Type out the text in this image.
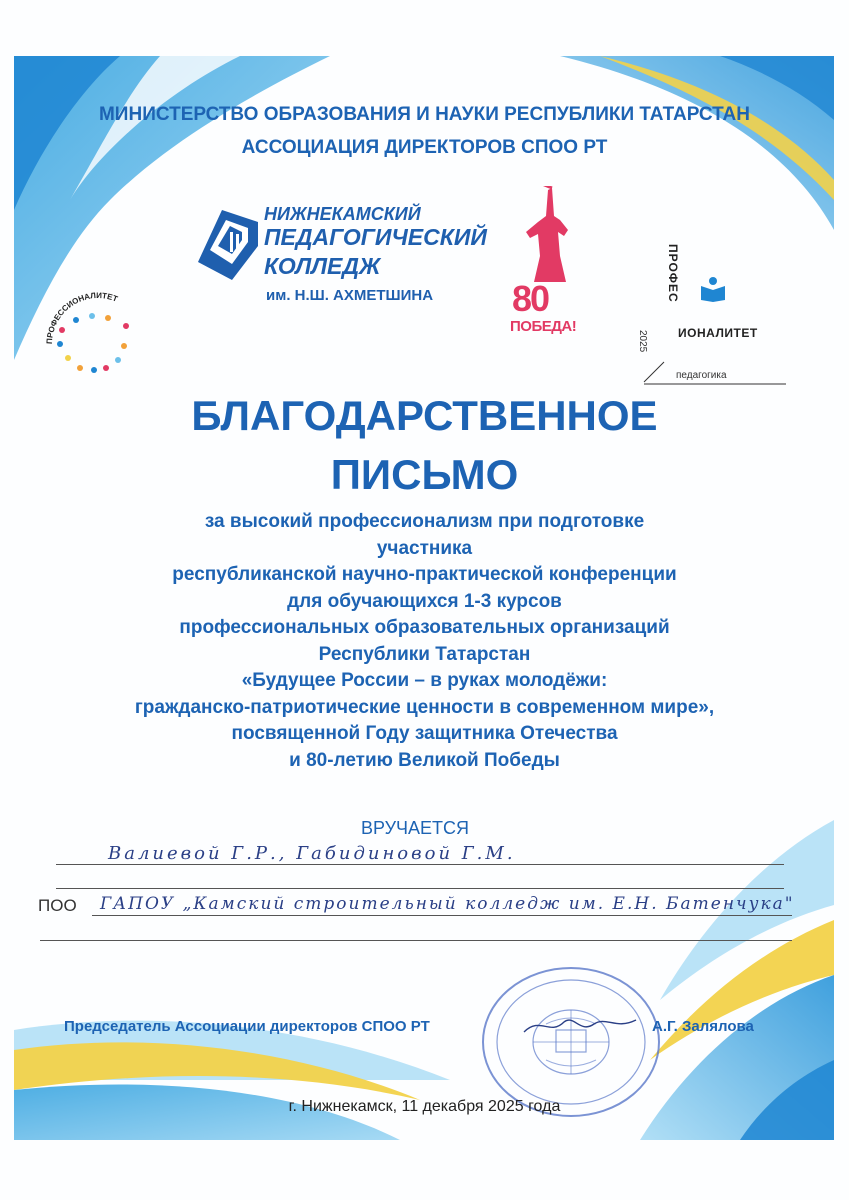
МИНИСТЕРСТВО ОБРАЗОВАНИЯ И НАУКИ РЕСПУБЛИКИ ТАТАРСТАН
АССОЦИАЦИЯ ДИРЕКТОРОВ СПОО РТ
НИЖНЕКАМСКИЙ
ПЕДАГОГИЧЕСКИЙ
КОЛЛЕДЖ
им. Н.Ш. АХМЕТШИНА 80
ПОБЕДА!
ПРОФЕССИОНАЛИТЕТ	ПРОФЕС
2025	ИОНАЛИТЕТ
педагогика
БЛАГОДАРСТВЕННОЕ
ПИСЬМО
за высокий профессионализм при подготовке
участника
республиканской научно-практической конференции
для обучающихся 1-3 курсов
профессиональных образовательных организаций
Республики Татарстан
«Будущее России – в руках молодёжи:
гражданско-патриотические ценности в современном мире»,
посвященной Году защитника Отечества
и 80-летию Великой Победы
ВРУЧАЕТСЯ
Валиевой Г.Р., Габидиновой Г.М.
ПОО ГАПОУ „Камский строительный колледж им. Е.Н. Батенчука"
Председатель Ассоциации директоров СПОО РТ	А.Г. Залялова
г. Нижнекамск, 11 декабря 2025 года
